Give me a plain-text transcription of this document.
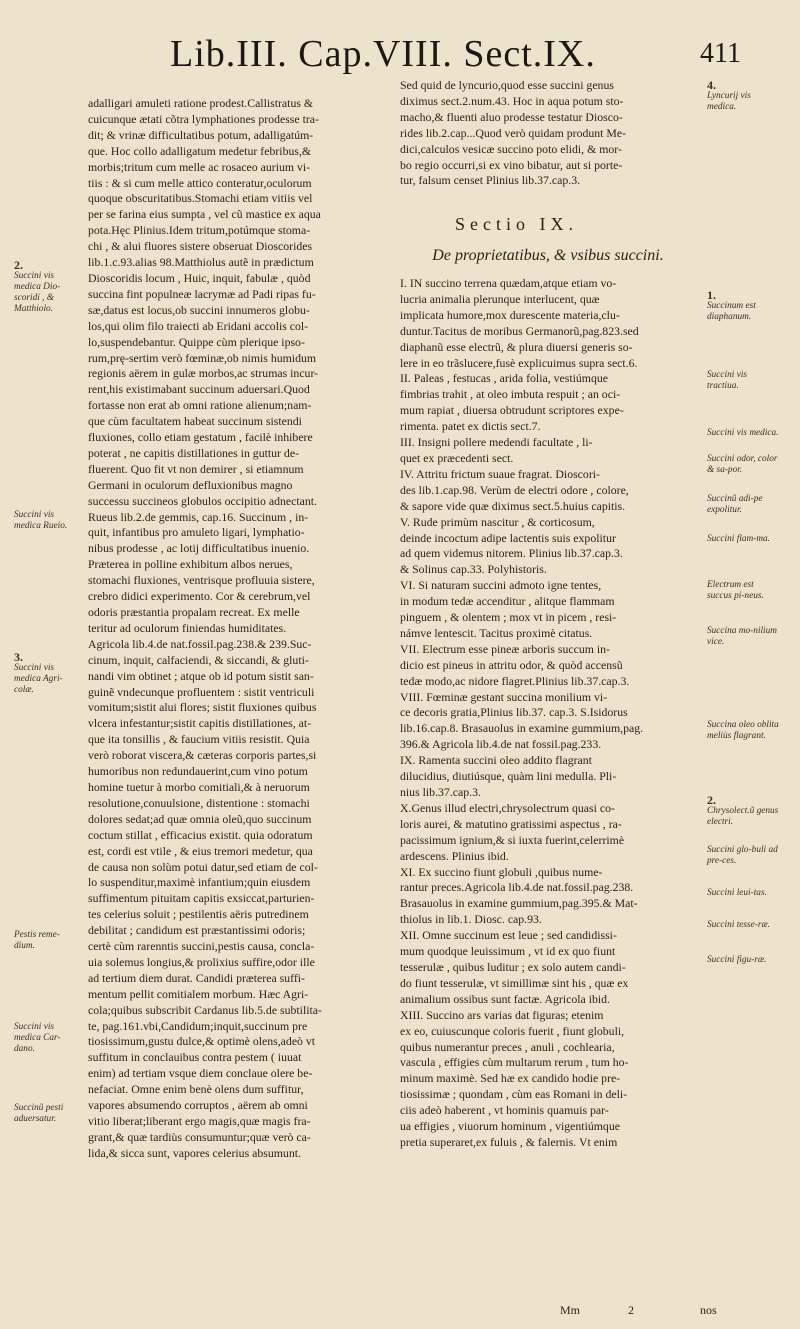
Lib.III. Cap.VIII. Sect.IX.	411

adalligari amuleti ratione prodest.Callistratus &

cuicunque ætati cõtra lymphationes prodesse tra-

dit; & vrinæ difficultatibus potum, adalligatúm-

que. Hoc collo adalligatum medetur febribus,&

morbis;tritum cum melle ac rosaceo aurium vi-

tiis : & si cum melle attico conteratur,oculorum

quoque obscuritatibus.Stomachi etiam vitiis vel

per se farina eius sumpta , vel cũ mastice ex aqua

pota.Hęc Plinius.Idem tritum,potúmque stoma-

chi , & alui fluores sistere obseruat Dioscorides

lib.1.c.93.alias 98.Matthiolus autẽ in prædictum

Dioscoridis locum , Huic, inquit, fabulæ , quòd

succina fint populneæ lacrymæ ad Padi ripas fu-

sæ,datus est locus,ob succini innumeros globu-

los,qui olim filo traiecti ab Eridani accolis col-

lo,suspendebantur. Quippe cùm plerique ipso-

rum,prę-sertim verò fœminæ,ob nimis humidum

regionis aërem in gulæ morbos,ac strumas incur-

rent,his existimabant succinum aduersari.Quod

fortasse non erat ab omni ratione alienum;nam-

que cùm facultatem habeat succinum sistendi

fluxiones, collo etiam gestatum , facilè inhibere

poterat , ne capitis distillationes in guttur de-

fluerent. Quo fit vt non demirer , si etiamnum

Germani in oculorum defluxionibus magno

successu succineos globulos occipitio adnectant.

Rueus lib.2.de gemmis, cap.16. Succinum , in-

quit, infantibus pro amuleto ligari, lymphatio-

nibus prodesse , ac lotij difficultatibus inuenio.

Præterea in polline exhibitum albos nerues,

stomachi fluxiones, ventrisque profluuia sistere,

crebro didici experimento. Cor & cerebrum,vel

odoris præstantia propalam recreat. Ex melle

teritur ad oculorum finiendas humiditates.

Agricola lib.4.de nat.fossil.pag.238.& 239.Suc-

cinum, inquit, calfaciendi, & siccandi, & gluti-

nandi vim obtinet ; atque ob id potum sistit san-

guinẽ vndecunque profluentem : sistit ventriculi

vomitum;sistit alui flores; sistit fluxiones quibus

vlcera infestantur;sistit capitis distillationes, at-

que ita tonsillis , & faucium vitiis resistit. Quia

verò roborat viscera,& cæteras corporis partes,si

humoribus non redundauerint,cum vino potum

homine tuetur à morbo comitiali,& à neruorum

resolutione,conuulsione, distentione : stomachi

dolores sedat;ad quæ omnia oleũ,quo succinum

coctum stillat , efficacius existit. quia odoratum

est, cordi est vtile , & eius tremori medetur, qua

de causa non solùm potui datur,sed etiam de col-

lo suspenditur,maximè infantium;quin eiusdem

suffimentum pituitam capitis exsiccat,parturien-

tes celerius soluit ; pestilentis aëris putredinem

debilitat ; candidum est præstantissimi odoris;

certè cùm rarenntis succini,pestis causa, concla-

uia solemus longius,& prolixius suffire,odor ille

ad tertium diem durat. Candidi præterea suffi-

mentum pellit comitialem morbum. Hæc Agri-

cola;quibus subscribit Cardanus lib.5.de subtilita-

te, pag.161.vbi,Candidum;inquit,succinum pre

tiosissimum,gustu dulce,& optimè olens,adeò vt

suffitum in conclauibus contra pestem ( iuuat

enim) ad tertiam vsque diem conclaue olere be-

nefaciat. Omne enim benè olens dum suffitur,

vapores absumendo corruptos , aërem ab omni

vitio liberat;liberant ergo magis,quæ magis fra-

grant,& quæ tardiùs consumuntur;quæ verò ca-

lida,& sicca sunt, vapores celerius absumunt.

Sed quid de lyncurio,quod esse succini genus

diximus sect.2.num.43. Hoc in aqua potum sto-

macho,& fluenti aluo prodesse testatur Diosco-

rides lib.2.cap...Quod verò quidam produnt Me-

dici,calculos vesicæ succino poto elidi, & mor-

bo regio occurri,si ex vino bibatur, aut si porte-

tur, falsum censet Plinius lib.37.cap.3.

Sectio IX.
De proprietatibus, & vsibus succini.

I. IN succino terrena quædam,atque etiam vo-

lucria animalia plerunque interlucent, quæ

implicata humore,mox durescente materia,clu-

duntur.Tacitus de moribus Germanorũ,pag.823.sed

diaphanũ esse electrũ, & plura diuersi generis so-

lere in eo trãslucere,fusè explicuimus supra sect.6.

II. Paleas , festucas , arida folia, vestiúmque

fimbrias trahit , at oleo imbuta respuit ; an oci-

mum rapiat , diuersa obtrudunt scriptores expe-

rimenta. patet ex dictis sect.7.

III. Insigni pollere medendi facultate , li-

quet ex præcedenti sect.

IV. Attritu frictum suaue fragrat. Dioscori-

des lib.1.cap.98. Verùm de electri odore , colore,

& sapore vide quæ diximus sect.5.huius capitis.

V. Rude primùm nascitur , & corticosum,

deinde incoctum adipe lactentis suis expolitur

ad quem videmus nitorem. Plinius lib.37.cap.3.

& Solinus cap.33. Polyhistoris.

VI. Si naturam succini admoto igne tentes,

in modum tedæ accenditur , alitque flammam

pinguem , & olentem ; mox vt in picem , resi-

námve lentescit. Tacitus proximè citatus.

VII. Electrum esse pineæ arboris succum in-

dicio est pineus in attritu odor, & quòd accensũ

tedæ modo,ac nidore flagret.Plinius lib.37.cap.3.

VIII. Fœminæ gestant succina monilium vi-

ce decoris gratia,Plinius lib.37. cap.3. S.Isidorus

lib.16.cap.8. Brasauolus in examine gummium,pag.

396.& Agricola lib.4.de nat fossil.pag.233.

IX. Ramenta succini oleo addito flagrant

dilucidius, diutiúsque, quàm lini medulla. Pli-

nius lib.37.cap.3.

X.Genus illud electri,chrysolectrum quasi co-

loris aurei, & matutino gratissimi aspectus , ra-

pacissimum ignium,& si iuxta fuerint,celerrimè

ardescens. Plinius ibid.

XI. Ex succino fiunt globuli ,quibus nume-

rantur preces.Agricola lib.4.de nat.fossil.pag.238.

Brasauolus in examine gummium,pag.395.& Mat-

thiolus in lib.1. Diosc. cap.93.

XII. Omne succinum est leue ; sed candidissi-

mum quodque leuissimum , vt id ex quo fiunt

tesserulæ , quibus luditur ; ex solo autem candi-

do fiunt tesserulæ, vt simillimæ sint his , quæ ex

animalium ossibus sunt factæ. Agricola ibid.

XIII. Succino ars varias dat figuras; etenim

ex eo, cuiuscunque coloris fuerit , fiunt globuli,

quibus numerantur preces , anuli , cochlearia,

vascula , effigies cùm multarum rerum , tum ho-

minum maximè. Sed hæ ex candido hodie pre-

tiosissimæ ; quondam , cùm eas Romani in deli-

ciis adeò haberent , vt hominis quamuis par-

ua effigies , viuorum hominum , vigentiúmque

pretia superaret,ex fuluis , & falernis. Vt enim

2.
Succini vis medica Dio-scoridi , & Matthiolo.
Succini vis medica Rueio.
3.
Succini vis medica Agri-colæ.
Pestis reme-dium.
Succini vis medica Car-dano.
Succinũ pesti aduersatur.
4.
Lyncurij vis medica.
1.
Succinum est diaphanum.
Succini vis tractiua.
Succini vis medica.
Succini odor, color & sa-por.
Succinũ adi-pe expolitur.
Succini flam-ma.
Electrum est succus pi-neus.
Succina mo-nilium vice.
Succina oleo oblita meliùs flagrant.
2.
Chrysolect.ũ genus electri.
Succini glo-buli ad pre-ces.
Succini leui-tas.
Succini tesse-ræ.
Succini figu-ræ.
Mm	2	nos
